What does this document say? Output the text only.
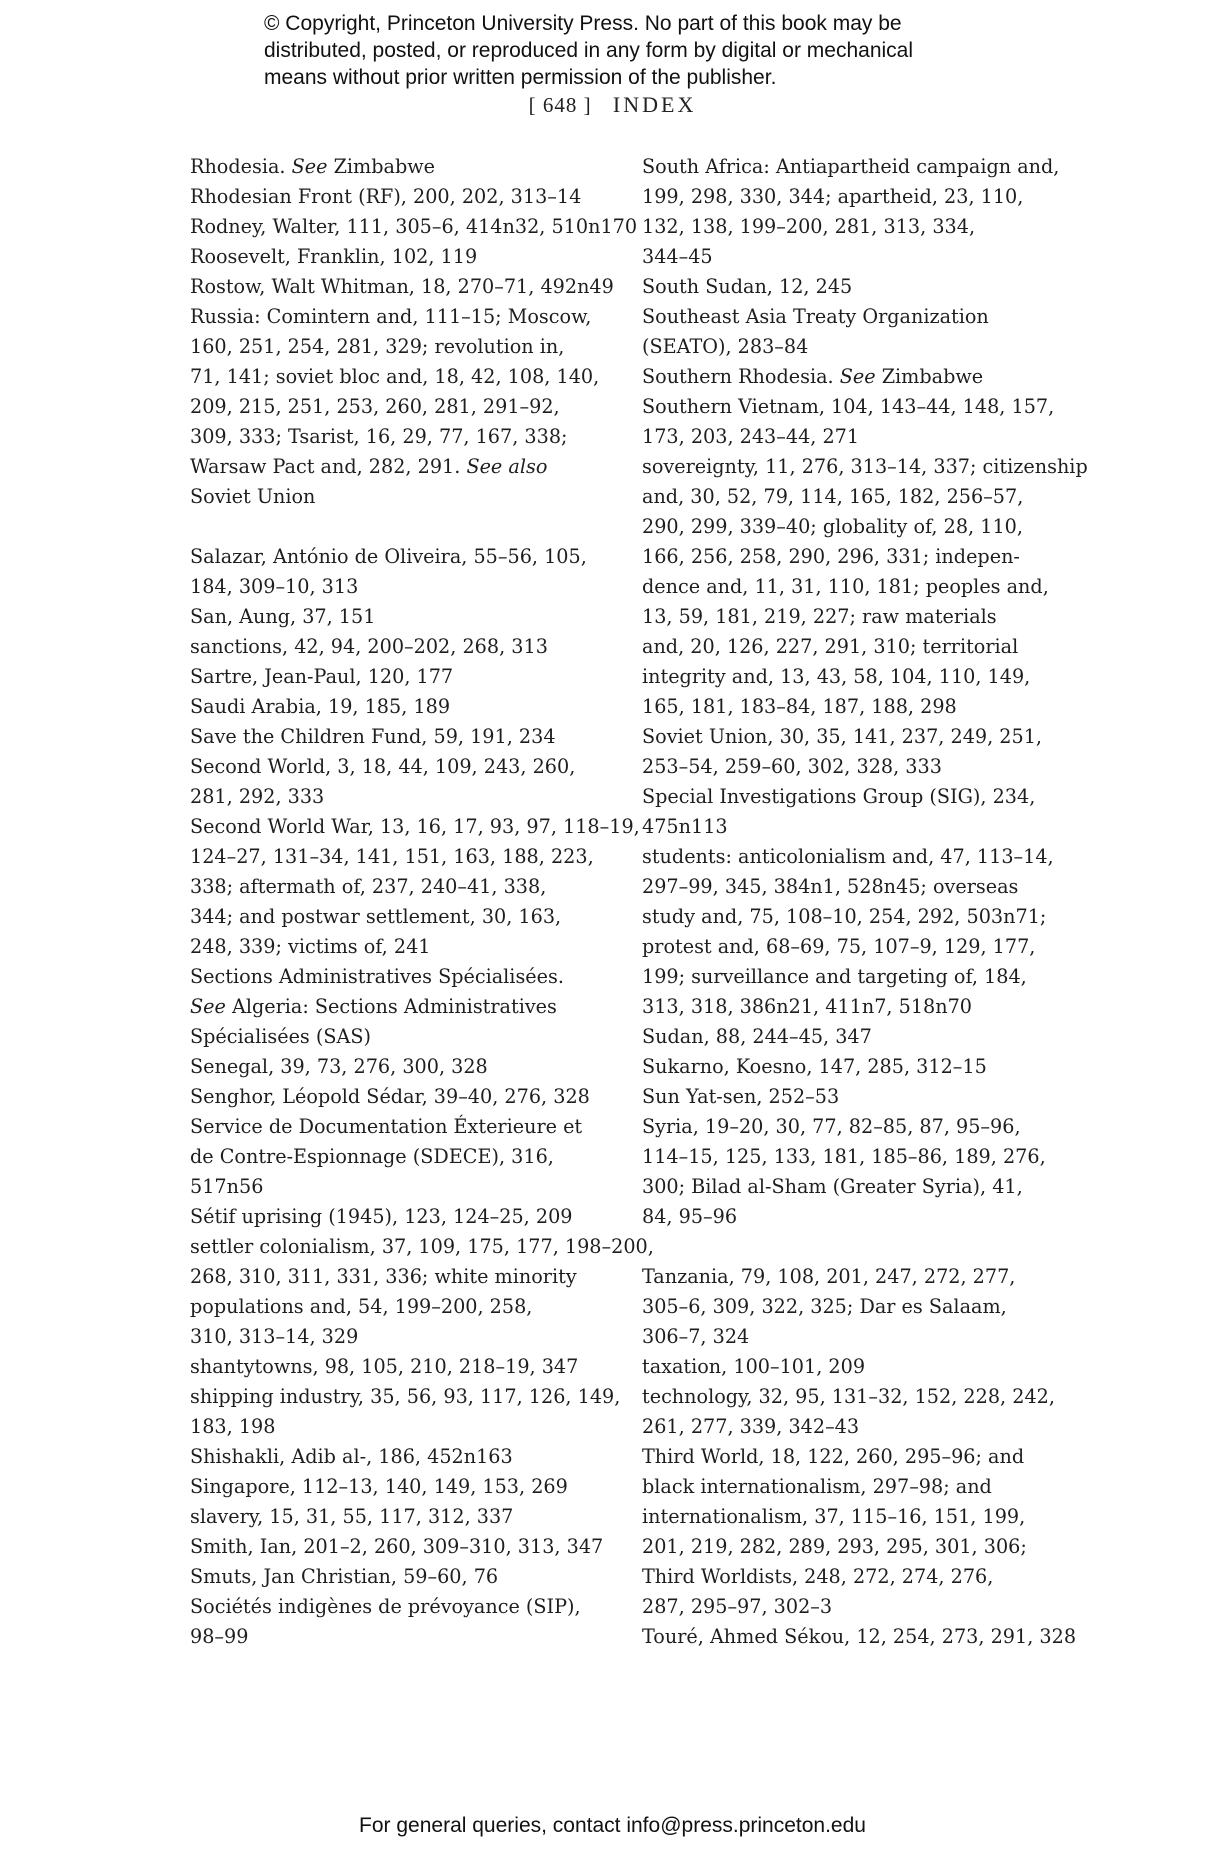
© Copyright, Princeton University Press. No part of this book may be
distributed, posted, or reproduced in any form by digital or mechanical
means without prior written permission of the publisher.
[ 648 ] INDEX
Rhodesia. See Zimbabwe
Rhodesian Front (RF), 200, 202, 313–14
Rodney, Walter, 111, 305–6, 414n32, 510n170
Roosevelt, Franklin, 102, 119
Rostow, Walt Whitman, 18, 270–71, 492n49
Russia: Comintern and, 111–15; Moscow,
160, 251, 254, 281, 329; revolution in,
71, 141; soviet bloc and, 18, 42, 108, 140,
209, 215, 251, 253, 260, 281, 291–92,
309, 333; Tsarist, 16, 29, 77, 167, 338;
Warsaw Pact and, 282, 291. See also
Soviet Union
Salazar, António de Oliveira, 55–56, 105,
184, 309–10, 313
San, Aung, 37, 151
sanctions, 42, 94, 200–202, 268, 313
Sartre, Jean-Paul, 120, 177
Saudi Arabia, 19, 185, 189
Save the Children Fund, 59, 191, 234
Second World, 3, 18, 44, 109, 243, 260,
281, 292, 333
Second World War, 13, 16, 17, 93, 97, 118–19,
124–27, 131–34, 141, 151, 163, 188, 223,
338; aftermath of, 237, 240–41, 338,
344; and postwar settlement, 30, 163,
248, 339; victims of, 241
Sections Administratives Spécialisées.
See Algeria: Sections Administratives
Spécialisées (SAS)
Senegal, 39, 73, 276, 300, 328
Senghor, Léopold Sédar, 39–40, 276, 328
Service de Documentation Éxterieure et
de Contre-Espionnage (SDECE), 316,
517n56
Sétif uprising (1945), 123, 124–25, 209
settler colonialism, 37, 109, 175, 177, 198–200,
268, 310, 311, 331, 336; white minority
populations and, 54, 199–200, 258,
310, 313–14, 329
shantytowns, 98, 105, 210, 218–19, 347
shipping industry, 35, 56, 93, 117, 126, 149,
183, 198
Shishakli, Adib al-, 186, 452n163
Singapore, 112–13, 140, 149, 153, 269
slavery, 15, 31, 55, 117, 312, 337
Smith, Ian, 201–2, 260, 309–310, 313, 347
Smuts, Jan Christian, 59–60, 76
Sociétés indigènes de prévoyance (SIP),
98–99
South Africa: Antiapartheid campaign and,
199, 298, 330, 344; apartheid, 23, 110,
132, 138, 199–200, 281, 313, 334,
344–45
South Sudan, 12, 245
Southeast Asia Treaty Organization
(SEATO), 283–84
Southern Rhodesia. See Zimbabwe
Southern Vietnam, 104, 143–44, 148, 157,
173, 203, 243–44, 271
sovereignty, 11, 276, 313–14, 337; citizenship
and, 30, 52, 79, 114, 165, 182, 256–57,
290, 299, 339–40; globality of, 28, 110,
166, 256, 258, 290, 296, 331; indepen-
dence and, 11, 31, 110, 181; peoples and,
13, 59, 181, 219, 227; raw materials
and, 20, 126, 227, 291, 310; territorial
integrity and, 13, 43, 58, 104, 110, 149,
165, 181, 183–84, 187, 188, 298
Soviet Union, 30, 35, 141, 237, 249, 251,
253–54, 259–60, 302, 328, 333
Special Investigations Group (SIG), 234,
475n113
students: anticolonialism and, 47, 113–14,
297–99, 345, 384n1, 528n45; overseas
study and, 75, 108–10, 254, 292, 503n71;
protest and, 68–69, 75, 107–9, 129, 177,
199; surveillance and targeting of, 184,
313, 318, 386n21, 411n7, 518n70
Sudan, 88, 244–45, 347
Sukarno, Koesno, 147, 285, 312–15
Sun Yat-sen, 252–53
Syria, 19–20, 30, 77, 82–85, 87, 95–96,
114–15, 125, 133, 181, 185–86, 189, 276,
300; Bilad al-Sham (Greater Syria), 41,
84, 95–96
Tanzania, 79, 108, 201, 247, 272, 277,
305–6, 309, 322, 325; Dar es Salaam,
306–7, 324
taxation, 100–101, 209
technology, 32, 95, 131–32, 152, 228, 242,
261, 277, 339, 342–43
Third World, 18, 122, 260, 295–96; and
black internationalism, 297–98; and
internationalism, 37, 115–16, 151, 199,
201, 219, 282, 289, 293, 295, 301, 306;
Third Worldists, 248, 272, 274, 276,
287, 295–97, 302–3
Touré, Ahmed Sékou, 12, 254, 273, 291, 328
For general queries, contact info@press.princeton.edu
